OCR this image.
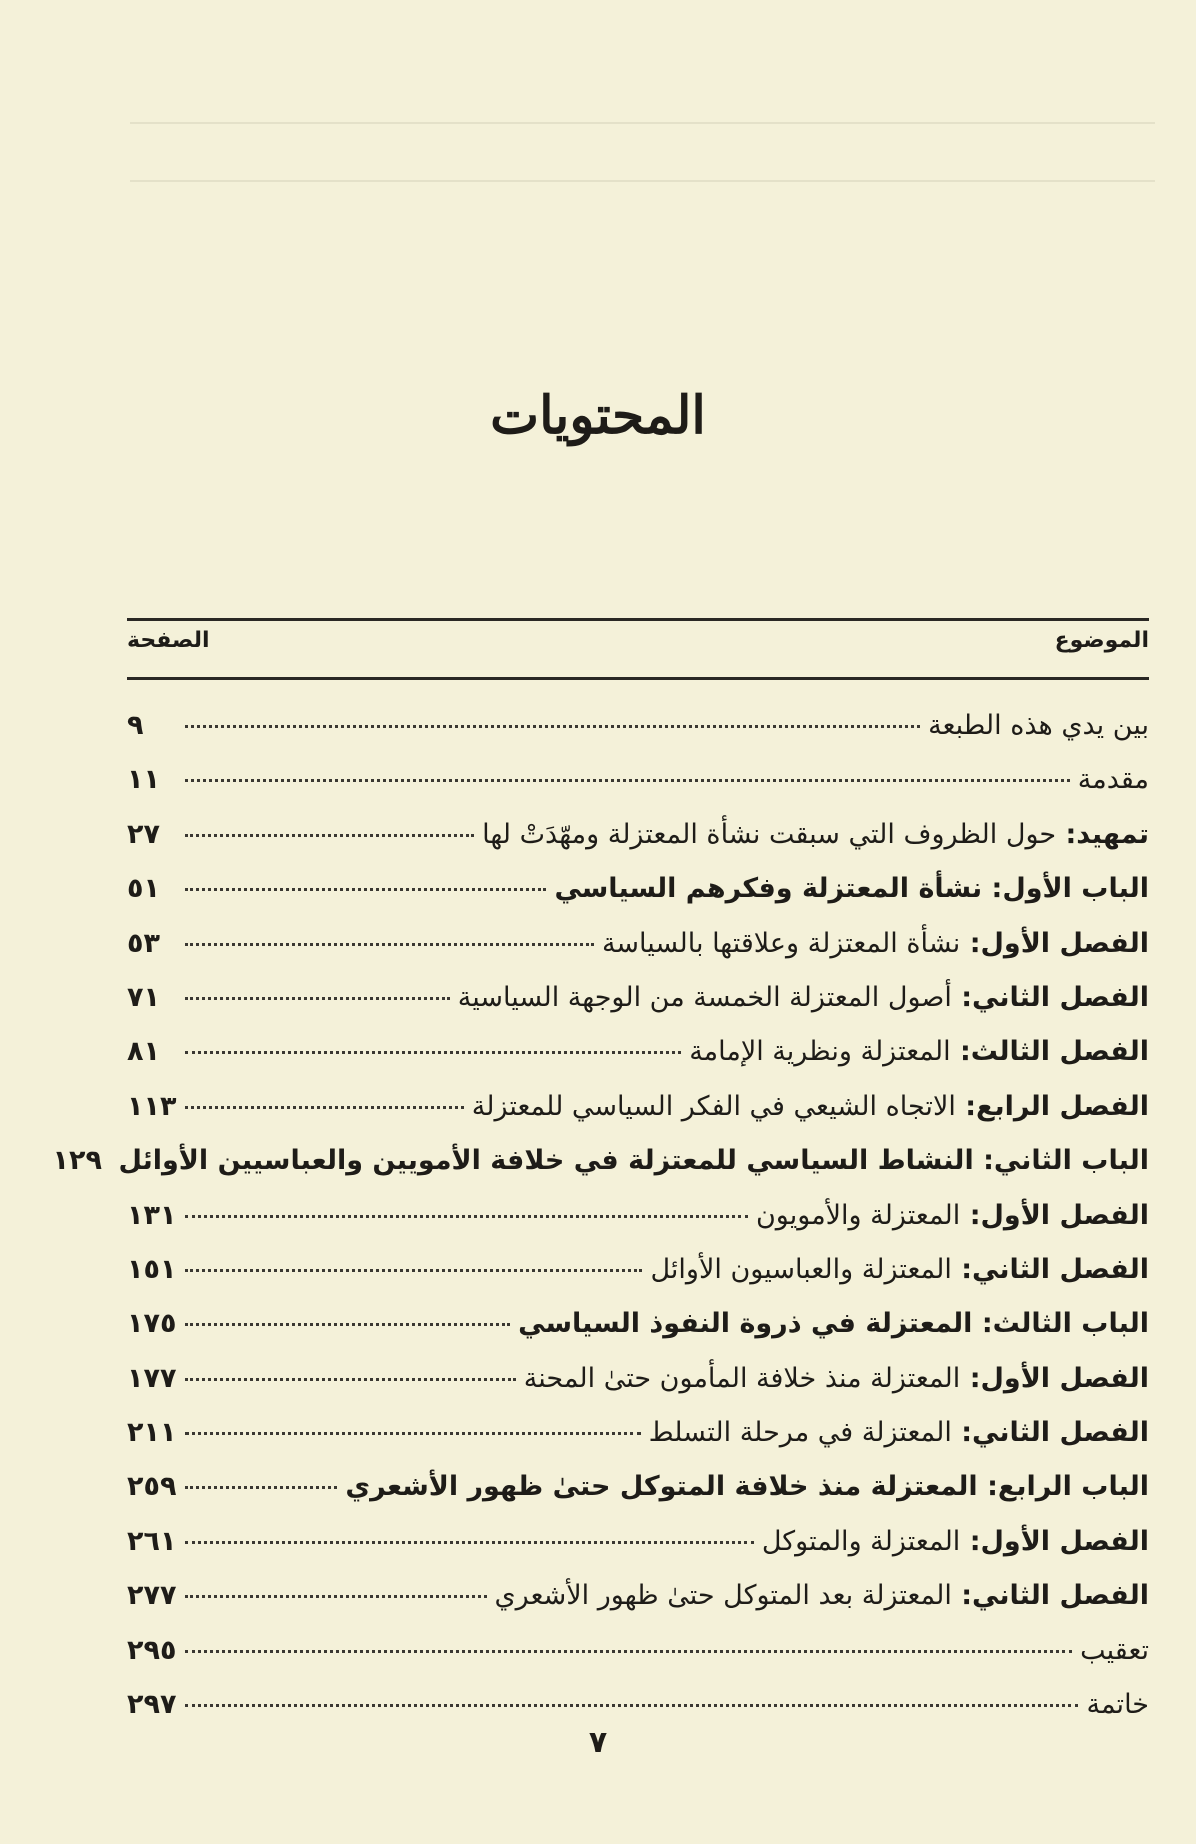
المحتويات
الموضوع
الصفحة
بين يدي هذه الطبعة
٩
مقدمة
١١
تمهيد: حول الظروف التي سبقت نشأة المعتزلة ومهّدَتْ لها
٢٧
الباب الأول: نشأة المعتزلة وفكرهم السياسي
٥١
الفصل الأول: نشأة المعتزلة وعلاقتها بالسياسة
٥٣
الفصل الثاني: أصول المعتزلة الخمسة من الوجهة السياسية
٧١
الفصل الثالث: المعتزلة ونظرية الإمامة
٨١
الفصل الرابع: الاتجاه الشيعي في الفكر السياسي للمعتزلة
١١٣
الباب الثاني: النشاط السياسي للمعتزلة في خلافة الأمويين والعباسيين الأوائل
١٢٩
الفصل الأول: المعتزلة والأمويون
١٣١
الفصل الثاني: المعتزلة والعباسيون الأوائل
١٥١
الباب الثالث: المعتزلة في ذروة النفوذ السياسي
١٧٥
الفصل الأول: المعتزلة منذ خلافة المأمون حتىٰ المحنة
١٧٧
الفصل الثاني: المعتزلة في مرحلة التسلط
٢١١
الباب الرابع: المعتزلة منذ خلافة المتوكل حتىٰ ظهور الأشعري
٢٥٩
الفصل الأول: المعتزلة والمتوكل
٢٦١
الفصل الثاني: المعتزلة بعد المتوكل حتىٰ ظهور الأشعري
٢٧٧
تعقيب
٢٩٥
خاتمة
٢٩٧
٧
